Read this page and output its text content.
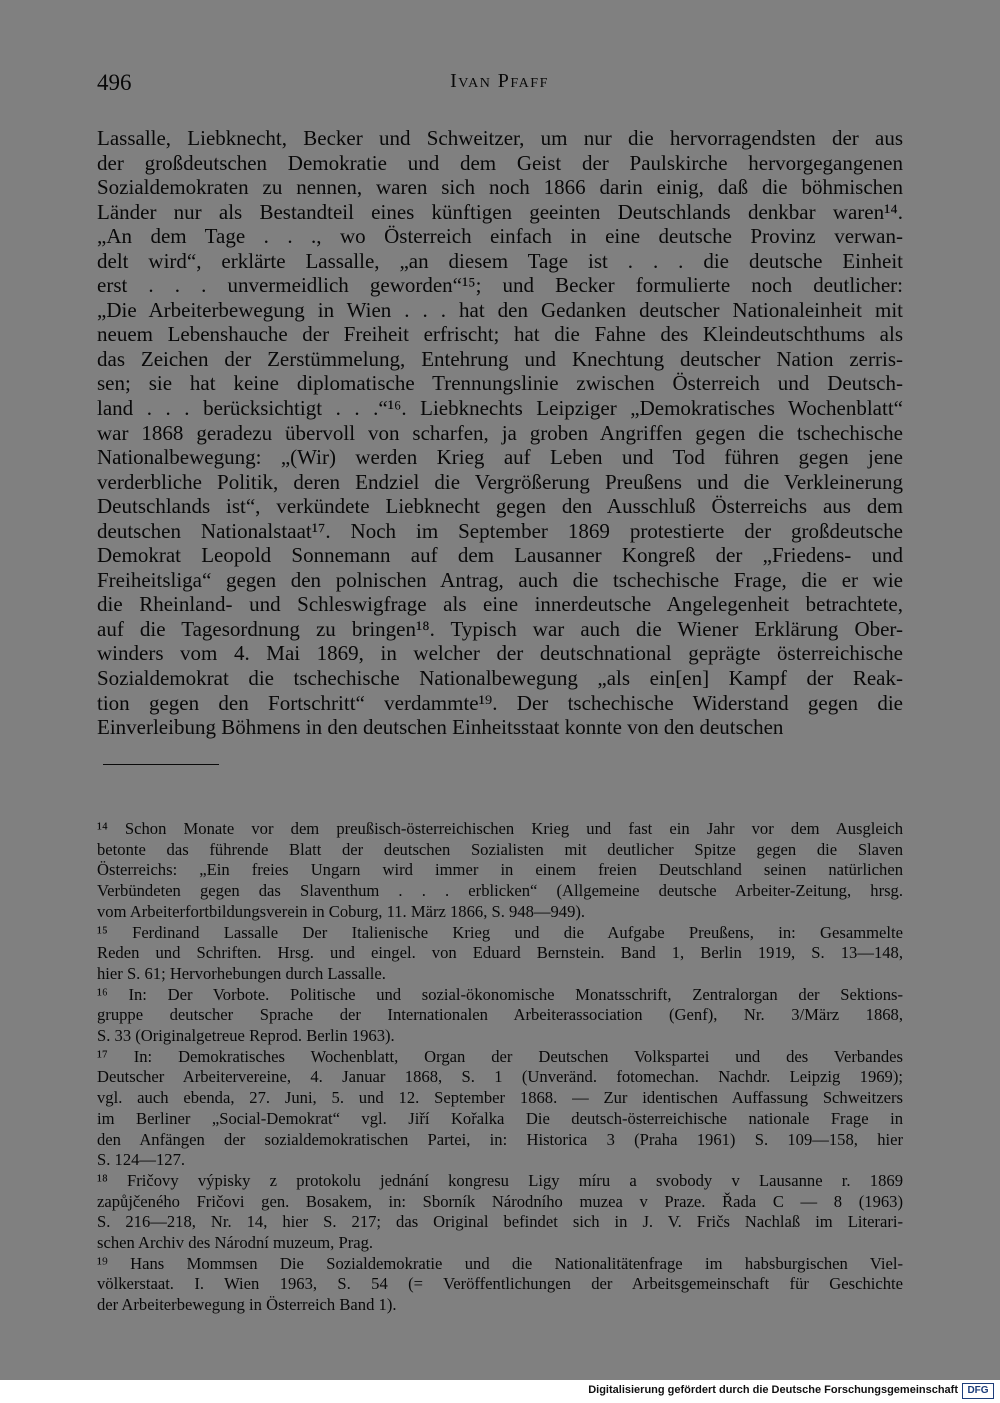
496	Ivan Pfaff
Lassalle, Liebknecht, Becker und Schweitzer, um nur die hervorragendsten der aus
der großdeutschen Demokratie und dem Geist der Paulskirche hervorgegangenen
Sozialdemokraten zu nennen, waren sich noch 1866 darin einig, daß die böhmischen
Länder nur als Bestandteil eines künftigen geeinten Deutschlands denkbar waren¹⁴.
„An dem Tage . . ., wo Österreich einfach in eine deutsche Provinz verwan-
delt wird“, erklärte Lassalle, „an diesem Tage ist . . . die deutsche Einheit
erst . . . unvermeidlich geworden“¹⁵; und Becker formulierte noch deutlicher:
„Die Arbeiterbewegung in Wien . . . hat den Gedanken deutscher Nationaleinheit mit
neuem Lebenshauche der Freiheit erfrischt; hat die Fahne des Kleindeutschthums als
das Zeichen der Zerstümmelung, Entehrung und Knechtung deutscher Nation zerris-
sen; sie hat keine diplomatische Trennungslinie zwischen Österreich und Deutsch-
land . . . berücksichtigt . . .“¹⁶. Liebknechts Leipziger „Demokratisches Wochenblatt“
war 1868 geradezu übervoll von scharfen, ja groben Angriffen gegen die tschechische
Nationalbewegung: „(Wir) werden Krieg auf Leben und Tod führen gegen jene
verderbliche Politik, deren Endziel die Vergrößerung Preußens und die Verkleinerung
Deutschlands ist“, verkündete Liebknecht gegen den Ausschluß Österreichs aus dem
deutschen Nationalstaat¹⁷. Noch im September 1869 protestierte der großdeutsche
Demokrat Leopold Sonnemann auf dem Lausanner Kongreß der „Friedens- und
Freiheitsliga“ gegen den polnischen Antrag, auch die tschechische Frage, die er wie
die Rheinland- und Schleswigfrage als eine innerdeutsche Angelegenheit betrachtete,
auf die Tagesordnung zu bringen¹⁸. Typisch war auch die Wiener Erklärung Ober-
winders vom 4. Mai 1869, in welcher der deutschnational geprägte österreichische
Sozialdemokrat die tschechische Nationalbewegung „als ein[en] Kampf der Reak-
tion gegen den Fortschritt“ verdammte¹⁹. Der tschechische Widerstand gegen die
Einverleibung Böhmens in den deutschen Einheitsstaat konnte von den deutschen
¹⁴ Schon Monate vor dem preußisch-österreichischen Krieg und fast ein Jahr vor dem Ausgleich
betonte das führende Blatt der deutschen Sozialisten mit deutlicher Spitze gegen die Slaven
Österreichs: „Ein freies Ungarn wird immer in einem freien Deutschland seinen natürlichen
Verbündeten gegen das Slaventhum . . . erblicken“ (Allgemeine deutsche Arbeiter-Zeitung, hrsg.
vom Arbeiterfortbildungsverein in Coburg, 11. März 1866, S. 948—949).
¹⁵ Ferdinand Lassalle Der Italienische Krieg und die Aufgabe Preußens, in: Gesammelte
Reden und Schriften. Hrsg. und eingel. von Eduard Bernstein. Band 1, Berlin 1919, S. 13—148,
hier S. 61; Hervorhebungen durch Lassalle.
¹⁶ In: Der Vorbote. Politische und sozial-ökonomische Monatsschrift, Zentralorgan der Sektions-
gruppe deutscher Sprache der Internationalen Arbeiterassociation (Genf), Nr. 3/März 1868,
S. 33 (Originalgetreue Reprod. Berlin 1963).
¹⁷ In: Demokratisches Wochenblatt, Organ der Deutschen Volkspartei und des Verbandes
Deutscher Arbeitervereine, 4. Januar 1868, S. 1 (Unveränd. fotomechan. Nachdr. Leipzig 1969);
vgl. auch ebenda, 27. Juni, 5. und 12. September 1868. — Zur identischen Auffassung Schweitzers
im Berliner „Social-Demokrat“ vgl. Jiří Kořalka Die deutsch-österreichische nationale Frage in
den Anfängen der sozialdemokratischen Partei, in: Historica 3 (Praha 1961) S. 109—158, hier
S. 124—127.
¹⁸ Fričovy výpisky z protokolu jednání kongresu Ligy míru a svobody v Lausanne r. 1869
zapůjčeného Fričovi gen. Bosakem, in: Sborník Národního muzea v Praze. Řada C — 8 (1963)
S. 216—218, Nr. 14, hier S. 217; das Original befindet sich in J. V. Fričs Nachlaß im Literari-
schen Archiv des Národní muzeum, Prag.
¹⁹ Hans Mommsen Die Sozialdemokratie und die Nationalitätenfrage im habsburgischen Viel-
völkerstaat. I. Wien 1963, S. 54 (= Veröffentlichungen der Arbeitsgemeinschaft für Geschichte
der Arbeiterbewegung in Österreich Band 1).
Digitalisierung gefördert durch die Deutsche Forschungsgemeinschaft DFG
